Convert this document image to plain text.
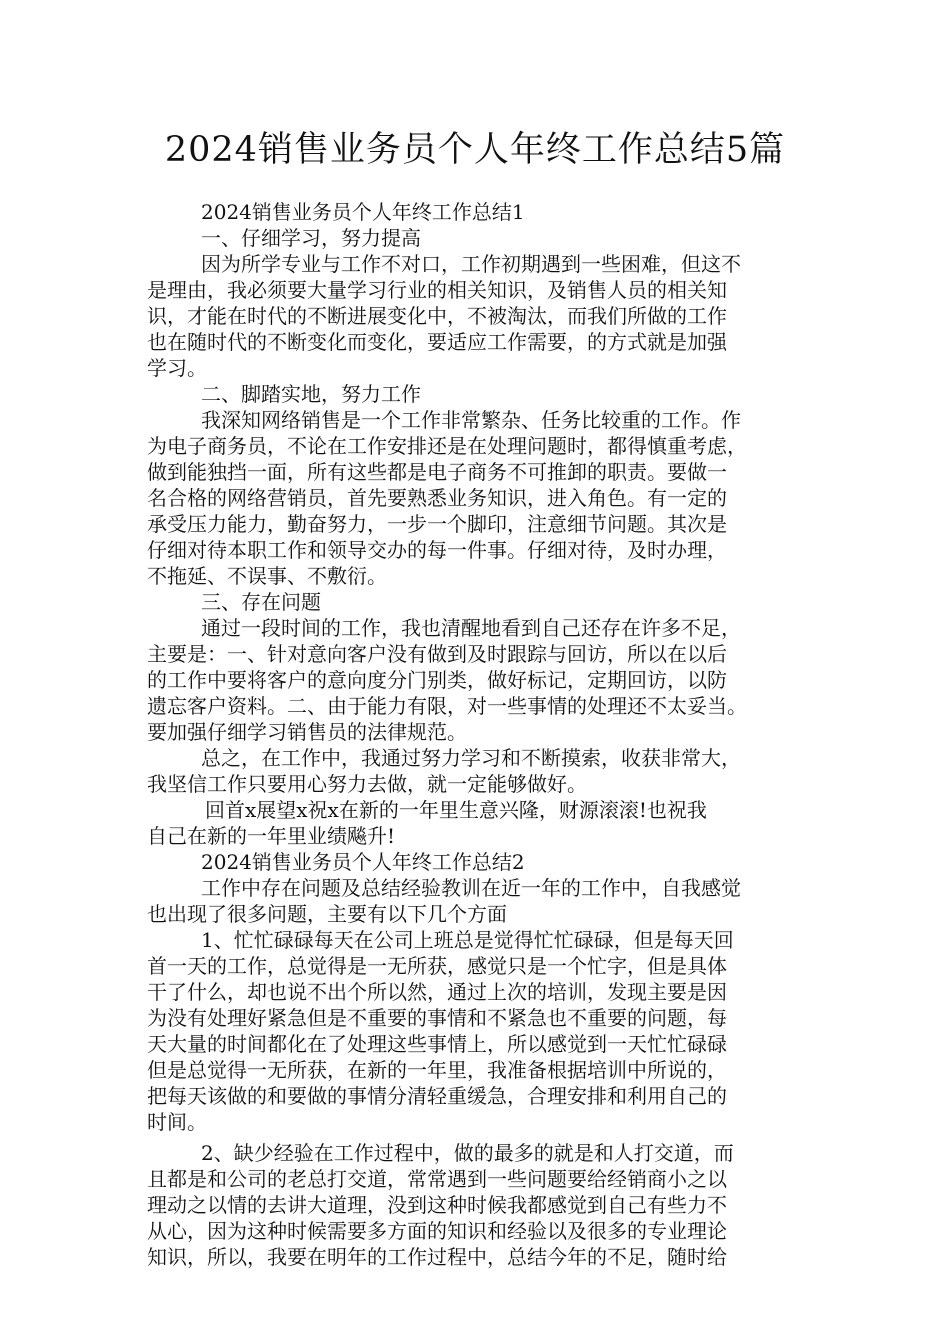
2024销售业务员个人年终工作总结5篇
2024销售业务员个人年终工作总结1
一、仔细学习，努力提高
因为所学专业与工作不对口，工作初期遇到一些困难，但这不
是理由，我必须要大量学习行业的相关知识，及销售人员的相关知
识，才能在时代的不断进展变化中，不被淘汰，而我们所做的工作
也在随时代的不断变化而变化，要适应工作需要，的方式就是加强
学习。
二、脚踏实地，努力工作
我深知网络销售是一个工作非常繁杂、任务比较重的工作。作
为电子商务员，不论在工作安排还是在处理问题时，都得慎重考虑，
做到能独挡一面，所有这些都是电子商务不可推卸的职责。要做一
名合格的网络营销员，首先要熟悉业务知识，进入角色。有一定的
承受压力能力，勤奋努力，一步一个脚印，注意细节问题。其次是
仔细对待本职工作和领导交办的每一件事。仔细对待，及时办理，
不拖延、不误事、不敷衍。
三、存在问题
通过一段时间的工作，我也清醒地看到自己还存在许多不足，
主要是：一、针对意向客户没有做到及时跟踪与回访，所以在以后
的工作中要将客户的意向度分门别类，做好标记，定期回访，以防
遗忘客户资料。二、由于能力有限，对一些事情的处理还不太妥当。
要加强仔细学习销售员的法律规范。
总之，在工作中，我通过努力学习和不断摸索，收获非常大，
我坚信工作只要用心努力去做，就一定能够做好。
回首x展望x祝x在新的一年里生意兴隆，财源滚滚!也祝我
自己在新的一年里业绩飚升!
2024销售业务员个人年终工作总结2
工作中存在问题及总结经验教训在近一年的工作中，自我感觉
也出现了很多问题，主要有以下几个方面
1、忙忙碌碌每天在公司上班总是觉得忙忙碌碌，但是每天回
首一天的工作，总觉得是一无所获，感觉只是一个忙字，但是具体
干了什么，却也说不出个所以然，通过上次的培训，发现主要是因
为没有处理好紧急但是不重要的事情和不紧急也不重要的问题，每
天大量的时间都化在了处理这些事情上，所以感觉到一天忙忙碌碌
但是总觉得一无所获，在新的一年里，我准备根据培训中所说的，
把每天该做的和要做的事情分清轻重缓急，合理安排和利用自己的
时间。
2、缺少经验在工作过程中，做的最多的就是和人打交道，而
且都是和公司的老总打交道，常常遇到一些问题要给经销商小之以
理动之以情的去讲大道理，没到这种时候我都感觉到自己有些力不
从心，因为这种时候需要多方面的知识和经验以及很多的专业理论
知识，所以，我要在明年的工作过程中，总结今年的不足，随时给
